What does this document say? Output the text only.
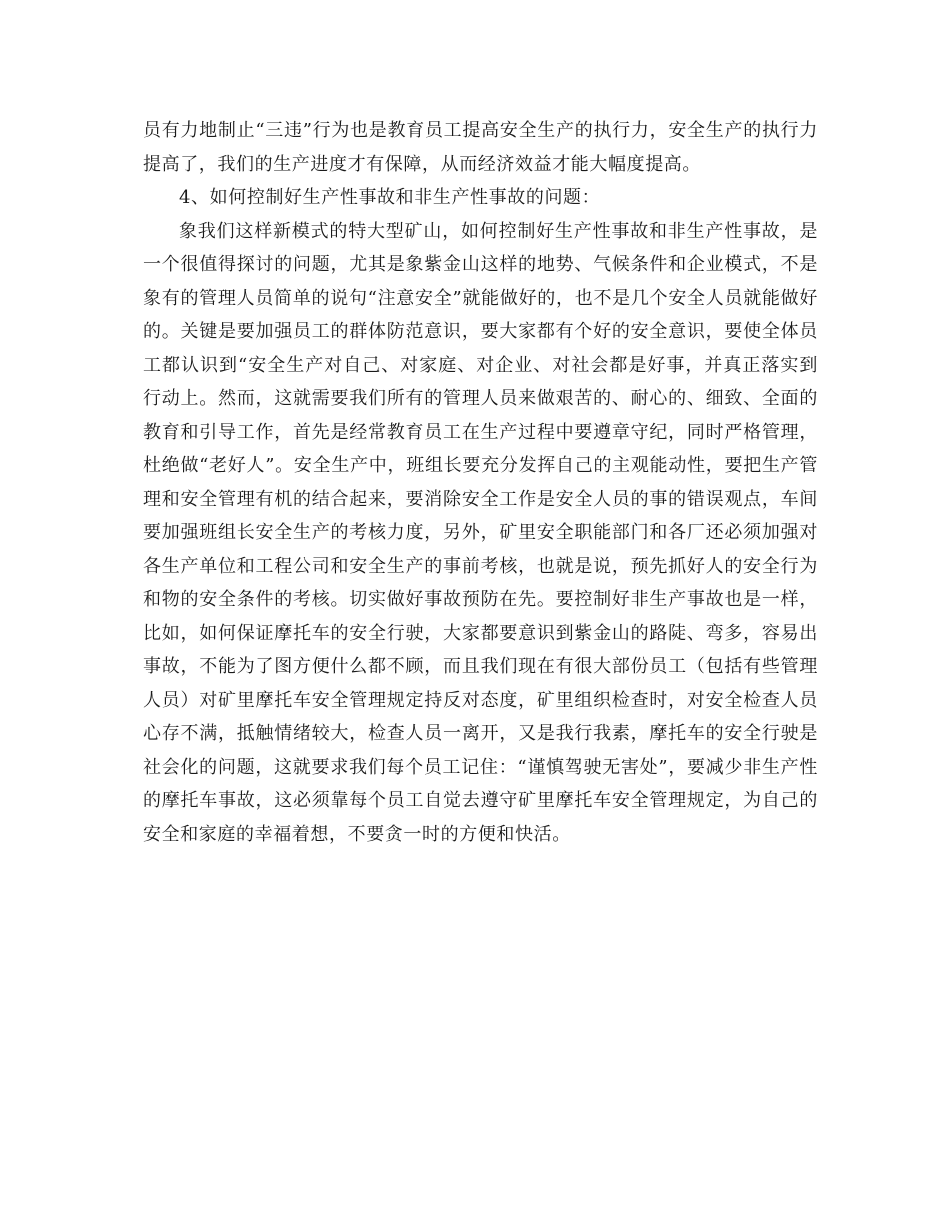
员有力地制止“三违”行为也是教育员工提高安全生产的执行力，安全生产的执行力提高了，我们的生产进度才有保障，从而经济效益才能大幅度提高。

4、如何控制好生产性事故和非生产性事故的问题：

象我们这样新模式的特大型矿山，如何控制好生产性事故和非生产性事故，是一个很值得探讨的问题，尤其是象紫金山这样的地势、气候条件和企业模式，不是象有的管理人员简单的说句“注意安全”就能做好的，也不是几个安全人员就能做好的。关键是要加强员工的群体防范意识，要大家都有个好的安全意识，要使全体员工都认识到“安全生产对自己、对家庭、对企业、对社会都是好事，并真正落实到行动上。然而，这就需要我们所有的管理人员来做艰苦的、耐心的、细致、全面的教育和引导工作，首先是经常教育员工在生产过程中要遵章守纪，同时严格管理，杜绝做“老好人”。安全生产中，班组长要充分发挥自己的主观能动性，要把生产管理和安全管理有机的结合起来，要消除安全工作是安全人员的事的错误观点，车间要加强班组长安全生产的考核力度，另外，矿里安全职能部门和各厂还必须加强对各生产单位和工程公司和安全生产的事前考核，也就是说，预先抓好人的安全行为和物的安全条件的考核。切实做好事故预防在先。要控制好非生产事故也是一样，比如，如何保证摩托车的安全行驶，大家都要意识到紫金山的路陡、弯多，容易出事故，不能为了图方便什么都不顾，而且我们现在有很大部份员工（包括有些管理人员）对矿里摩托车安全管理规定持反对态度，矿里组织检查时，对安全检查人员心存不满，抵触情绪较大，检查人员一离开，又是我行我素，摩托车的安全行驶是社会化的问题，这就要求我们每个员工记住：“谨慎驾驶无害处”，要减少非生产性的摩托车事故，这必须靠每个员工自觉去遵守矿里摩托车安全管理规定，为自己的安全和家庭的幸福着想，不要贪一时的方便和快活。
